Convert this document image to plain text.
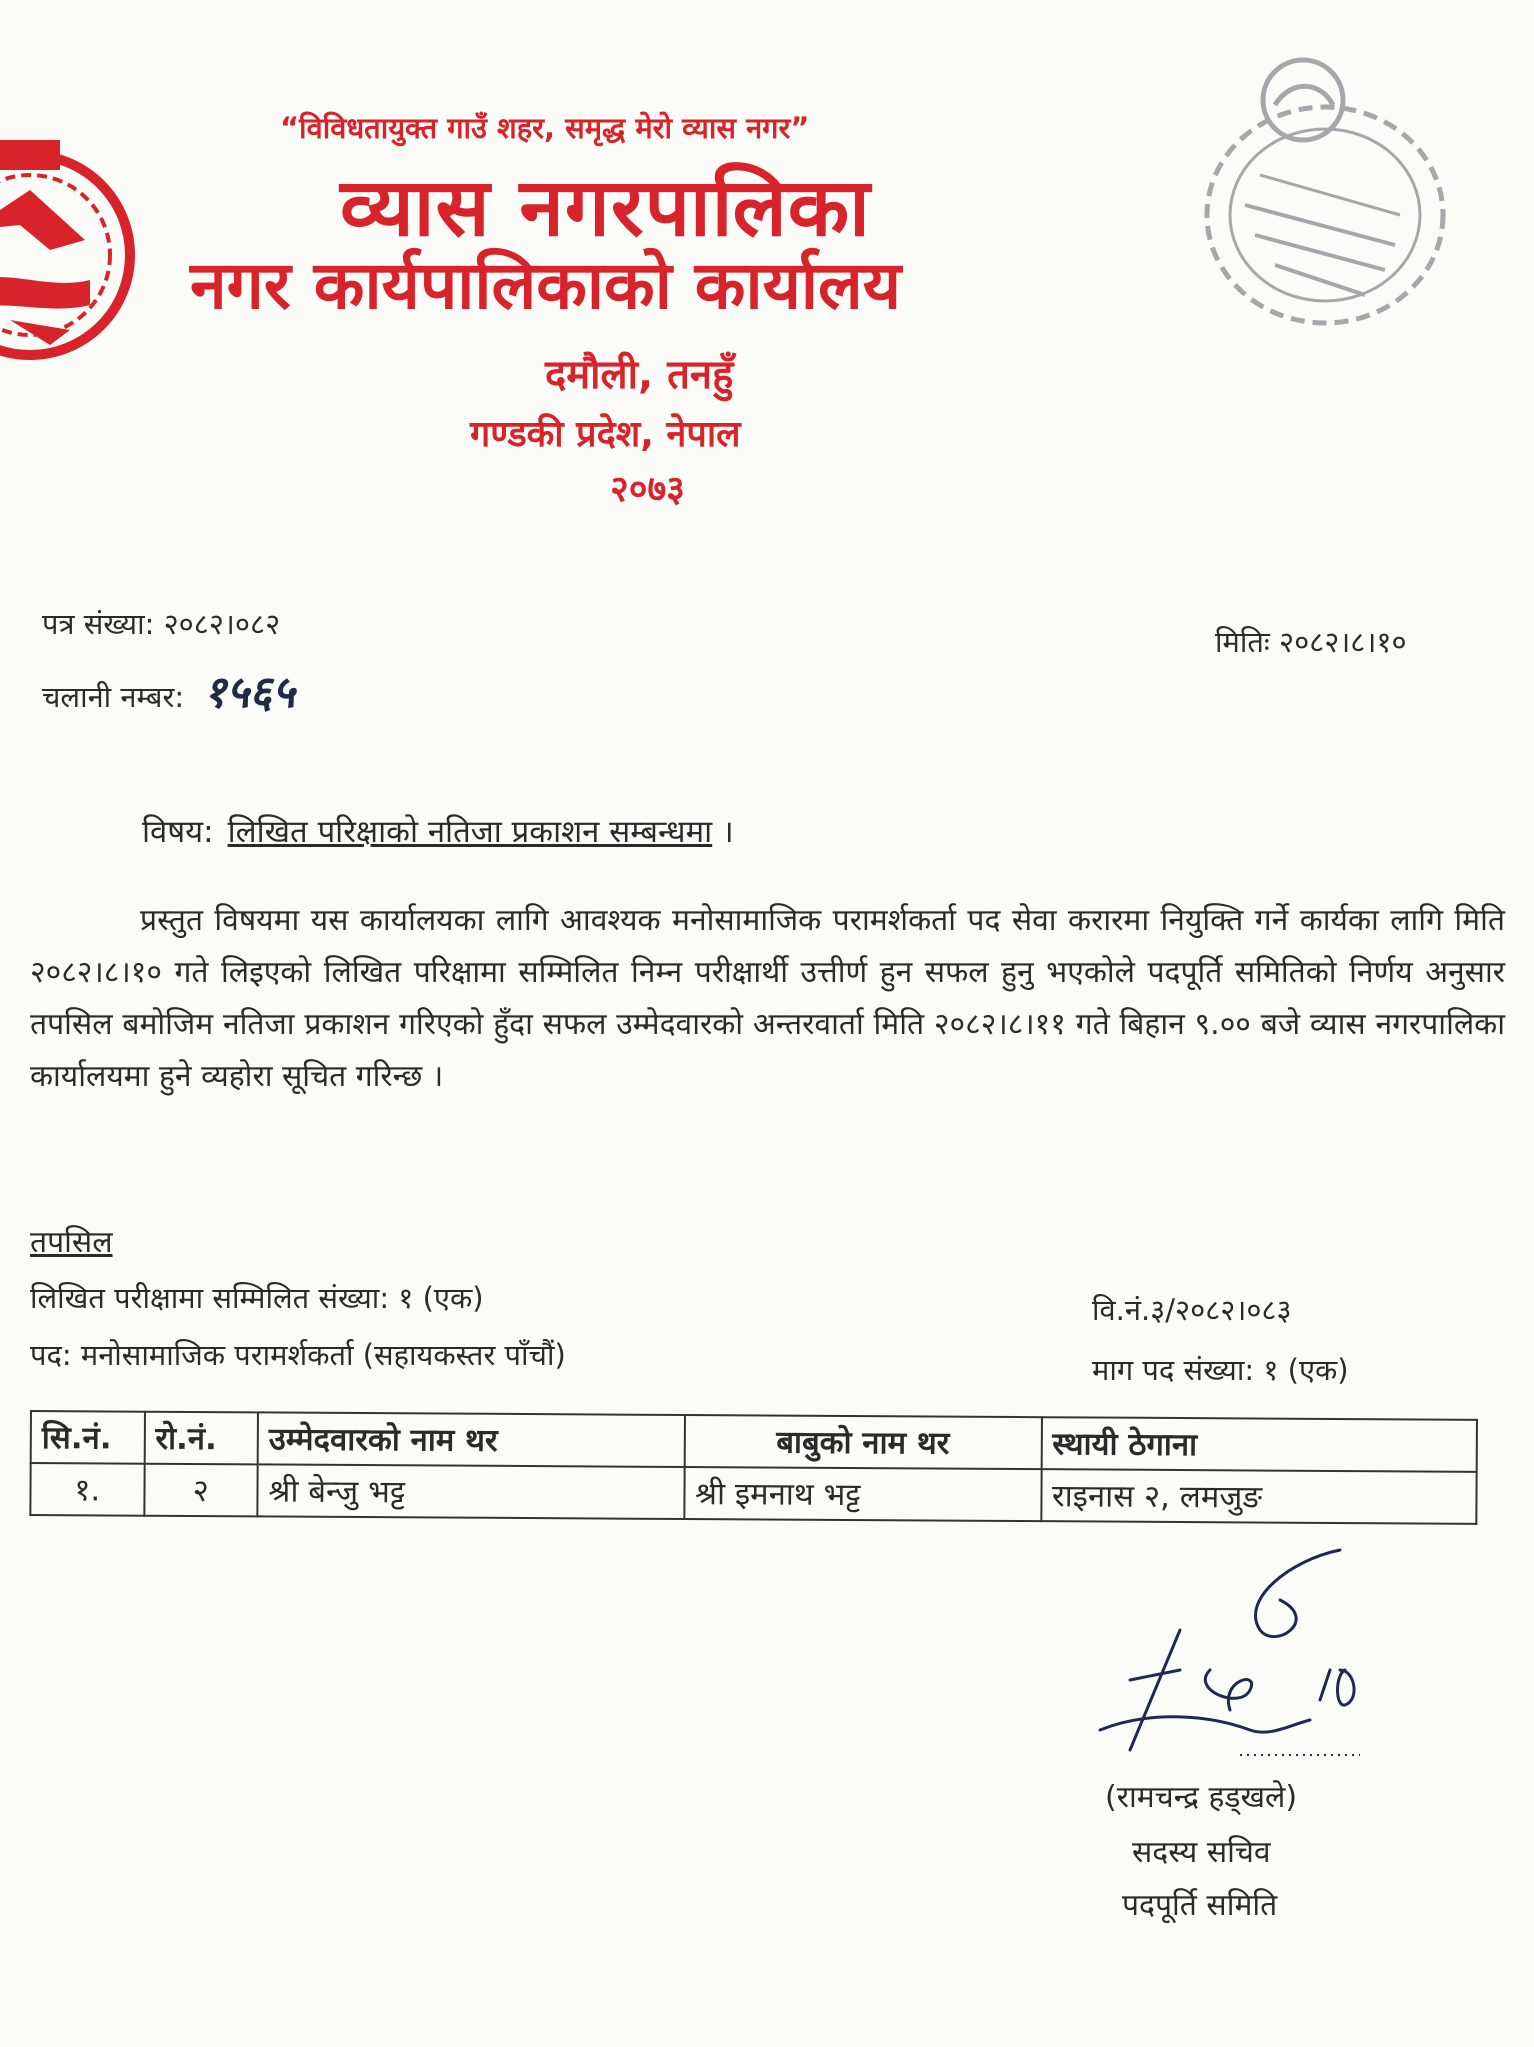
“विविधतायुक्त गाउँ शहर, समृद्ध मेरो व्यास नगर”
व्यास नगरपालिका
नगर कार्यपालिकाको कार्यालय
दमौली, तनहुँ
गण्डकी प्रदेश, नेपाल
२०७३
पत्र संख्या: २०८२।०८२
चलानी नम्बर: १५६५
मितिः २०८२।८।१०
विषय: लिखित परिक्षाको नतिजा प्रकाशन सम्बन्धमा ।
प्रस्तुत विषयमा यस कार्यालयका लागि आवश्यक मनोसामाजिक परामर्शकर्ता पद सेवा करारमा नियुक्ति गर्ने कार्यका लागि मिति २०८२।८।१० गते लिइएको लिखित परिक्षामा सम्मिलित निम्न परीक्षार्थी उत्तीर्ण हुन सफल हुनु भएकोले पदपूर्ति समितिको निर्णय अनुसार तपसिल बमोजिम नतिजा प्रकाशन गरिएको हुँदा सफल उम्मेदवारको अन्तरवार्ता मिति २०८२।८।११ गते बिहान ९.०० बजे व्यास नगरपालिका कार्यालयमा हुने व्यहोरा सूचित गरिन्छ ।
तपसिल
लिखित परीक्षामा सम्मिलित संख्या: १ (एक)
पद: मनोसामाजिक परामर्शकर्ता (सहायकस्तर पाँचौं)
वि.नं.३/२०८२।०८३
माग पद संख्या: १ (एक)
सि.नं.	रो.नं.	उम्मेदवारको नाम थर	बाबुको नाम थर	स्थायी ठेगाना
१.	२	श्री बेन्जु भट्ट	श्री इमनाथ भट्ट	राइनास २, लमजुङ
(रामचन्द्र हड्खले)
सदस्य सचिव
पदपूर्ति समिति
